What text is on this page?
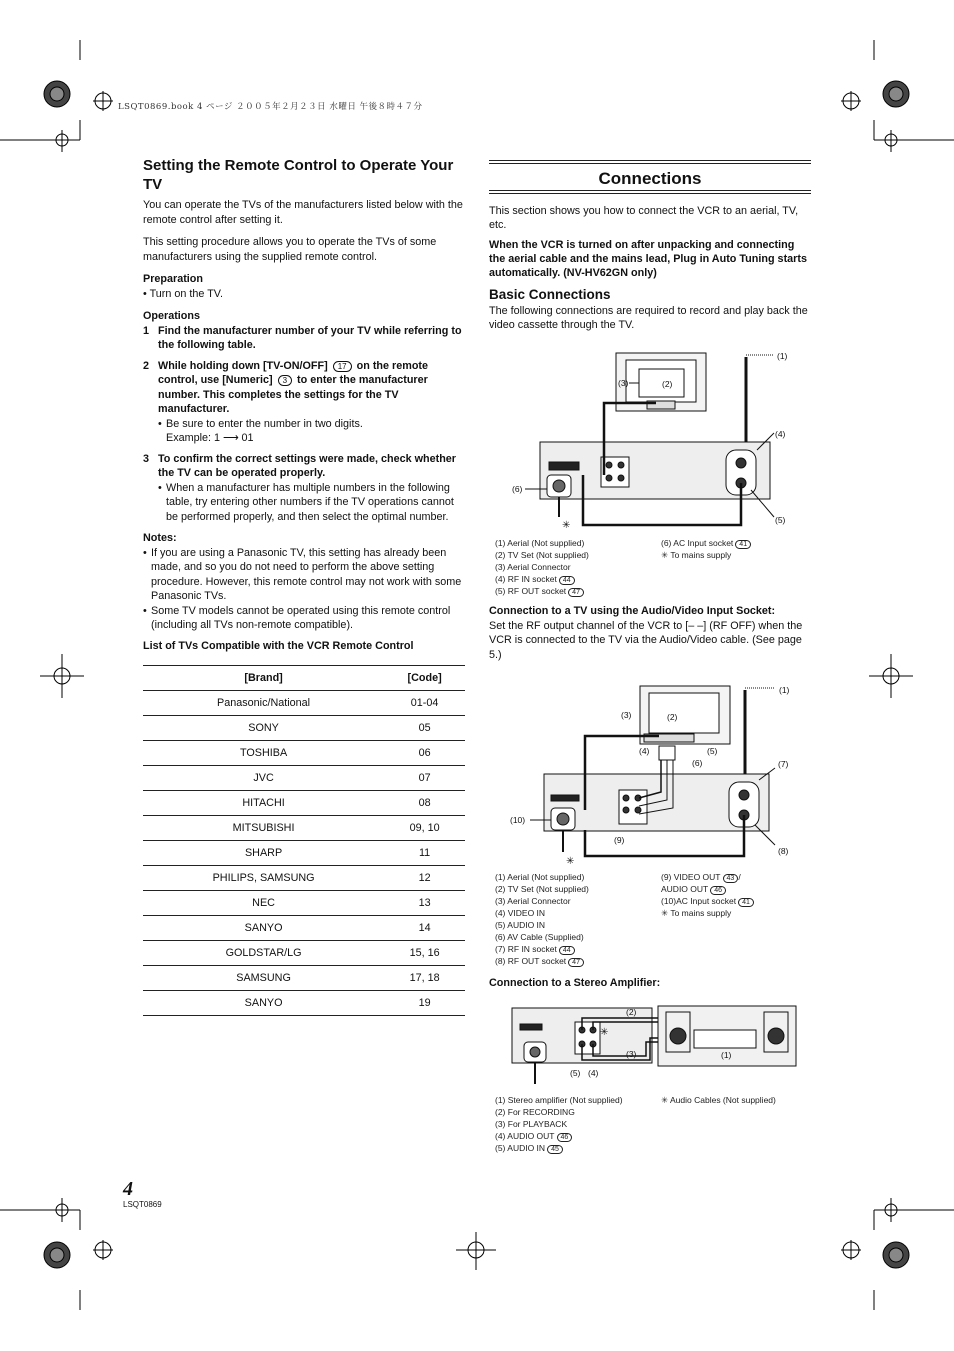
LSQT0869.book 4 ページ ２００５年２月２３日 水曜日 午後８時４７分
Setting the Remote Control to Operate Your TV

You can operate the TVs of the manufacturers listed below with the remote control after setting it.

This setting procedure allows you to operate the TVs of some manufacturers using the supplied remote control.

Preparation
• Turn on the TV.
Operations
1 Find the manufacturer number of your TV while referring to the following table.
2 While holding down [TV-ON/OFF] 17 on the remote control, use [Numeric] 3 to enter the manufacturer number. This completes the settings for the TV manufacturer.
• Be sure to enter the number in two digits.
Example: 1 ⟶ 01
3 To confirm the correct settings were made, check whether the TV can be operated properly.
• When a manufacturer has multiple numbers in the following table, try entering other numbers if the TV operations cannot be performed properly, and then select the optimal number.
Notes:
• If you are using a Panasonic TV, this setting has already been made, and so you do not need to perform the above setting procedure. However, this remote control may not work with some Panasonic TVs.
• Some TV models cannot be operated using this remote control (including all TVs non-remote compatible).
List of TVs Compatible with the VCR Remote Control
[Brand]	[Code]
Panasonic/National	01-04
SONY	05
TOSHIBA	06
JVC	07
HITACHI	08
MITSUBISHI	09, 10
SHARP	11
PHILIPS, SAMSUNG	12
NEC	13
SANYO	14
GOLDSTAR/LG	15, 16
SAMSUNG	17, 18
SANYO	19
Connections

This section shows you how to connect the VCR to an aerial, TV, etc.

When the VCR is turned on after unpacking and connecting the aerial cable and the mains lead, Plug in Auto Tuning starts automatically. (NV-HV62GN only)

Basic Connections

The following connections are required to record and play back the video cassette through the TV.

✳
(1)
(2)
(3)
(4)
(5)
(6)
(1) Aerial (Not supplied)
(2) TV Set (Not supplied)
(3) Aerial Connector
(4) RF IN socket 44
(5) RF OUT socket 47
(6) AC Input socket 41
✳ To mains supply
Connection to a TV using the Audio/Video Input Socket:
Set the RF output channel of the VCR to [– –] (RF OFF) when the VCR is connected to the TV via the Audio/Video cable. (See page 5.)
✳
(1)
(2)
(3)
(4)	(5)
(6)	(7)
(8)
(9)
(10)
(1) Aerial (Not supplied)
(2) TV Set (Not supplied)
(3) Aerial Connector
(4) VIDEO IN
(5) AUDIO IN
(6) AV Cable (Supplied)
(7) RF IN socket 44
(8) RF OUT socket 47
(9) VIDEO OUT 43 /
AUDIO OUT 46
(10)AC Input socket 41
✳ To mains supply
Connection to a Stereo Amplifier:
✳
(1)
(2)
(3)
(4)
(5)
(1) Stereo amplifier (Not supplied)
(2) For RECORDING
(3) For PLAYBACK
(4) AUDIO OUT 46
(5) AUDIO IN 45
✳ Audio Cables (Not supplied)
4
LSQT0869
